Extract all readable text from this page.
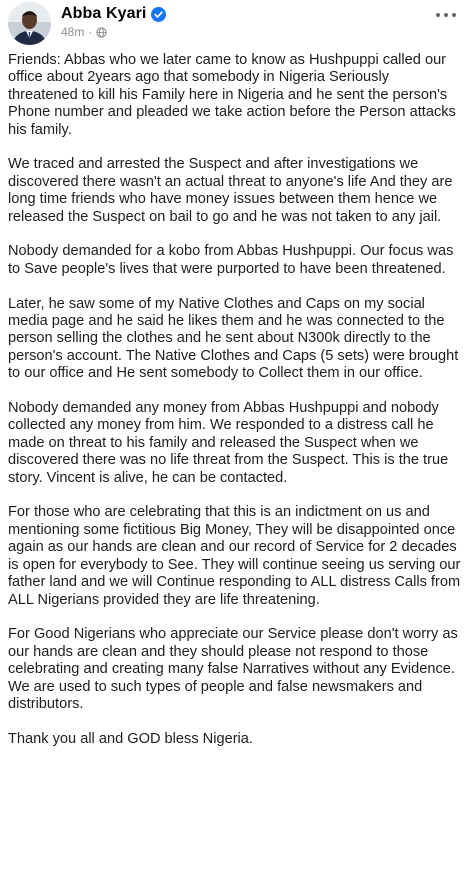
Abba Kyari
48m ·

Friends: Abbas who we later came to know as Hushpuppi called our office about 2years ago that somebody in Nigeria Seriously threatened to kill his Family here in Nigeria and he sent the person's Phone number and pleaded we take action before the Person attacks his family.

We traced and arrested the Suspect and after investigations we discovered there wasn't an actual threat to anyone's life And they are long time friends who have money issues between them hence we released the Suspect on bail to go and he was not taken to any jail.

Nobody demanded for a kobo from Abbas Hushpuppi. Our focus was to Save people's lives that were purported to have been threatened.

Later, he saw some of my Native Clothes and Caps on my social media page and he said he likes them and he was connected to the person selling the clothes and he sent about N300k directly to the person's account. The Native Clothes and Caps (5 sets) were brought to our office and He sent somebody to Collect them in our office.

Nobody demanded any money from Abbas Hushpuppi and nobody collected any money from him. We responded to a distress call he made on threat to his family and released the Suspect when we discovered there was no life threat from the Suspect. This is the true story. Vincent is alive, he can be contacted.

For those who are celebrating that this is an indictment on us and mentioning some fictitious Big Money, They will be disappointed once again as our hands are clean and our record of Service for 2 decades is open for everybody to See. They will continue seeing us serving our father land and we will Continue responding to ALL distress Calls from ALL Nigerians provided they are life threatening.

For Good Nigerians who appreciate our Service please don't worry as our hands are clean and they should please not respond to those celebrating and creating many false Narratives without any Evidence. We are used to such types of people and false newsmakers and distributors.

Thank you all and GOD bless Nigeria.
